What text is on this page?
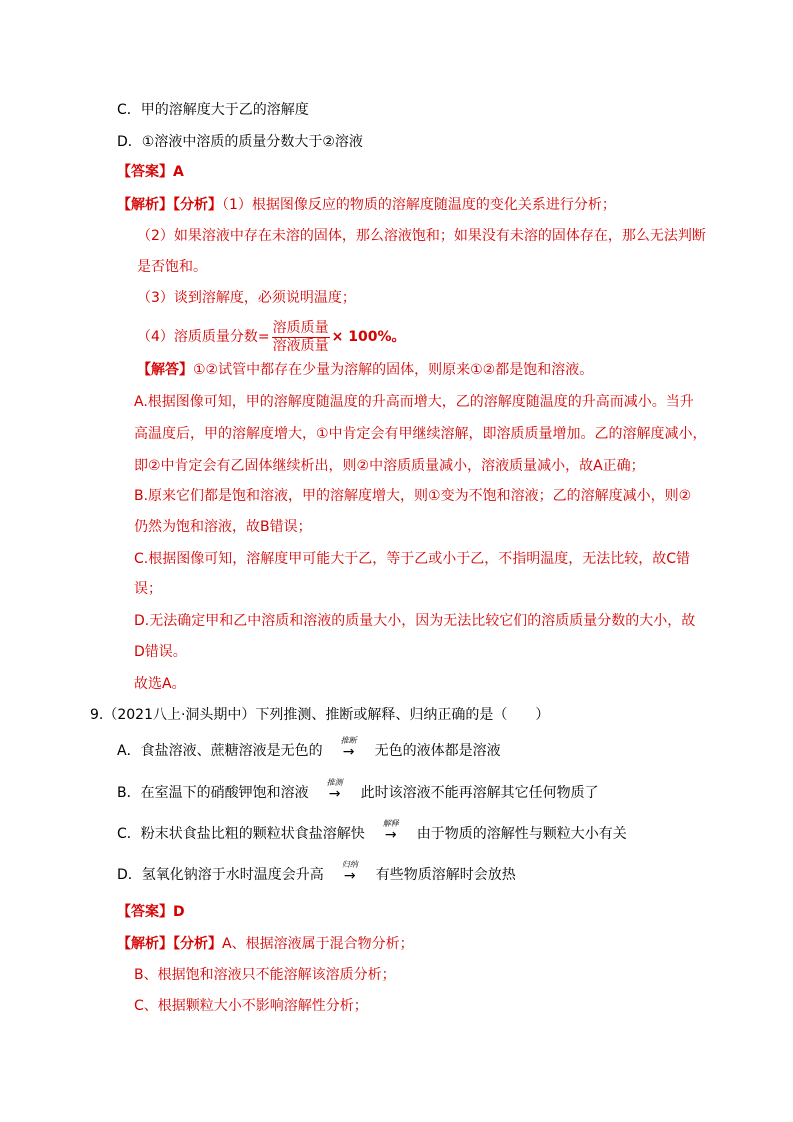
C．甲的溶解度大于乙的溶解度
D．①溶液中溶质的质量分数大于②溶液
【答案】A
【解析】【分析】（1）根据图像反应的物质的溶解度随温度的变化关系进行分析；
（2）如果溶液中存在未溶的固体，那么溶液饱和；如果没有未溶的固体存在，那么无法判断
是否饱和。
（3）谈到溶解度，必须说明温度；
（4）溶质质量分数= $\frac{\text{溶质质量}}{\text{溶液质量}} \times 100\%$。
【解答】①②试管中都存在少量为溶解的固体，则原来①②都是饱和溶液。
A.根据图像可知，甲的溶解度随温度的升高而增大，乙的溶解度随温度的升高而减小。当升
高温度后，甲的溶解度增大，①中肯定会有甲继续溶解，即溶质质量增加。乙的溶解度减小，
即②中肯定会有乙固体继续析出，则②中溶质质量减小，溶液质量减小，故A正确；
B.原来它们都是饱和溶液，甲的溶解度增大，则①变为不饱和溶液；乙的溶解度减小，则②
仍然为饱和溶液，故B错误；
C.根据图像可知，溶解度甲可能大于乙，等于乙或小于乙，不指明温度，无法比较，故C错
误；
D.无法确定甲和乙中溶质和溶液的质量大小，因为无法比较它们的溶质质量分数的大小，故
D错误。
故选A。
9.（2021八上·洞头期中）下列推测、推断或解释、归纳正确的是（　　）
A．食盐溶液、蔗糖溶液是无色的
推断
→	无色的液体都是溶液
B．在室温下的硝酸钾饱和溶液
推测
→	此时该溶液不能再溶解其它任何物质了
C．粉末状食盐比粗的颗粒状食盐溶解快
解释
→	由于物质的溶解性与颗粒大小有关
D．氢氧化钠溶于水时温度会升高
归纳
→	有些物质溶解时会放热
【答案】D
【解析】【分析】A、根据溶液属于混合物分析；
B、根据饱和溶液只不能溶解该溶质分析；
C、根据颗粒大小不影响溶解性分析；
